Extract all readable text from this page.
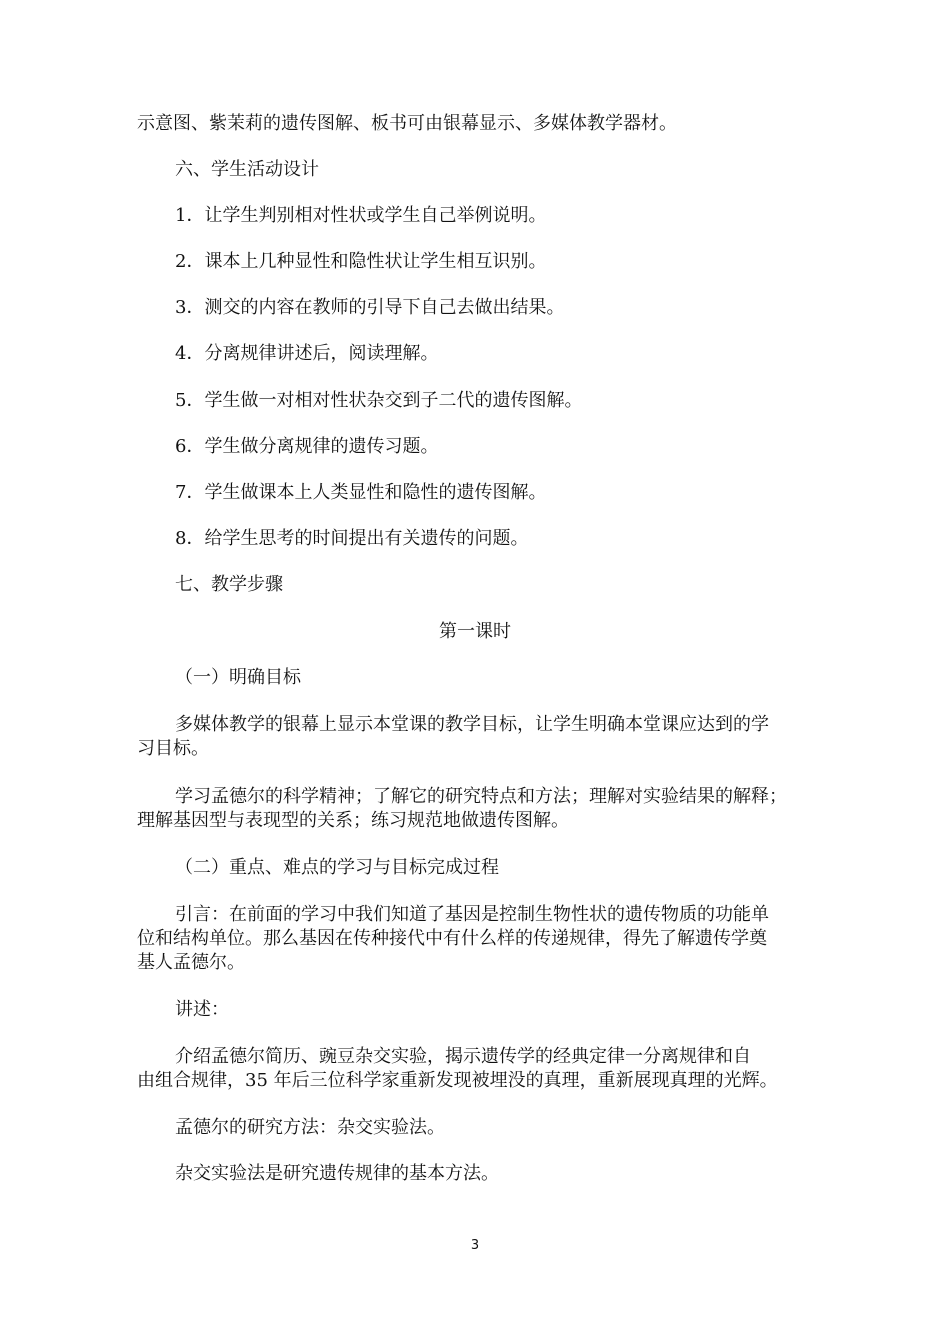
示意图、紫茉莉的遗传图解、板书可由银幕显示、多媒体教学器材。
六、学生活动设计
1．让学生判别相对性状或学生自己举例说明。
2．课本上几种显性和隐性状让学生相互识别。
3．测交的内容在教师的引导下自己去做出结果。
4．分离规律讲述后，阅读理解。
5．学生做一对相对性状杂交到子二代的遗传图解。
6．学生做分离规律的遗传习题。
7．学生做课本上人类显性和隐性的遗传图解。
8．给学生思考的时间提出有关遗传的问题。
七、教学步骤
第一课时
（一）明确目标
多媒体教学的银幕上显示本堂课的教学目标，让学生明确本堂课应达到的学
习目标。
学习孟德尔的科学精神；了解它的研究特点和方法；理解对实验结果的解释；
理解基因型与表现型的关系；练习规范地做遗传图解。
（二）重点、难点的学习与目标完成过程
引言：在前面的学习中我们知道了基因是控制生物性状的遗传物质的功能单
位和结构单位。那么基因在传种接代中有什么样的传递规律，得先了解遗传学奠
基人孟德尔。
讲述：
介绍孟德尔简历、豌豆杂交实验，揭示遗传学的经典定律一分离规律和自
由组合规律，35 年后三位科学家重新发现被埋没的真理，重新展现真理的光辉。
孟德尔的研究方法：杂交实验法。
杂交实验法是研究遗传规律的基本方法。
3
